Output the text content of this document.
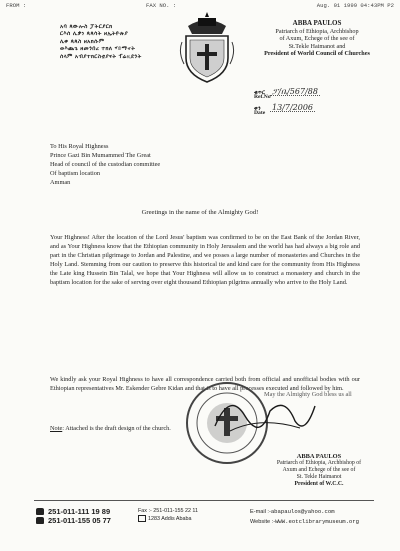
FROM :	FAX NO. :	Aug. 01 1999 04:43PM P2
አባ ጳውሎስ ፓትርያርክ
ርእሰ ሊቃነ ጳጳሳት ዘኢትዮጵያ
ሊቀ ጳጳስ ዘአክሱም
ወእጨጌ ዘመንበረ ተክለ ሃይማኖት
ሰላም አብያተክርስቲያናት ፕሬዚደንት
ABBA PAULOS
Patriarch of Ethiopia, Archbishop
of Axum, Echege of the see of
St.Tekle Haimanot and
President of World Council of Churches
ቁጥር ፓ/ቤ/567/88
Ref.No
ቀን	13/7/2006
Date
To His Royal Highness
Prince Gazi Bin Mumammed The Great
Head of council of the custodian committee
Of baptism location
Amman
Greetings in the name of the Almighty God!
Your Highness! After the location of the Lord Jesus' baptism was confirmed to be on the East Bank of the Jordan River, and as Your Highness know that the Ethiopian community in Holy Jerusalem and the world has had always a big role and part in the Christian pilgrimage to Jordan and Palestine, and we posses a large number of monasteries and Churches in the Holy Land. Stemming from our caution to preserve this historical tie and kind care for the community from His Highness the Late king Hussein Bin Talal, we hope that Your Highness will allow us to construct a monastery and church in the baptism location for the sake of serving over eight thousand Ethiopian pilgrims annually who arrive to the Holy Land.
We kindly ask your Royal Highness to have all correspondence carried both from official and unofficial bodies with our Ethiopian representatives Mr. Eskender Gebre Kidan and that is to have all processes executed and followed by him.
May the Almighty God bless us all
Note: Attached is the draft design of the church.
ABBA PAULOS
Patriarch of Ethiopia, Archbishop of
Axum and Echege of the see of
St. Tekle Haimanot
President of W.C.C.
251-011-111 19 89
251-011-155 05 77
Fax :- 251-011-155 22 11
1283 Addis Ababa
E-mail :-abapaulos@yahoo.com
Website :-WWW.eotclibrarymuseum.org
